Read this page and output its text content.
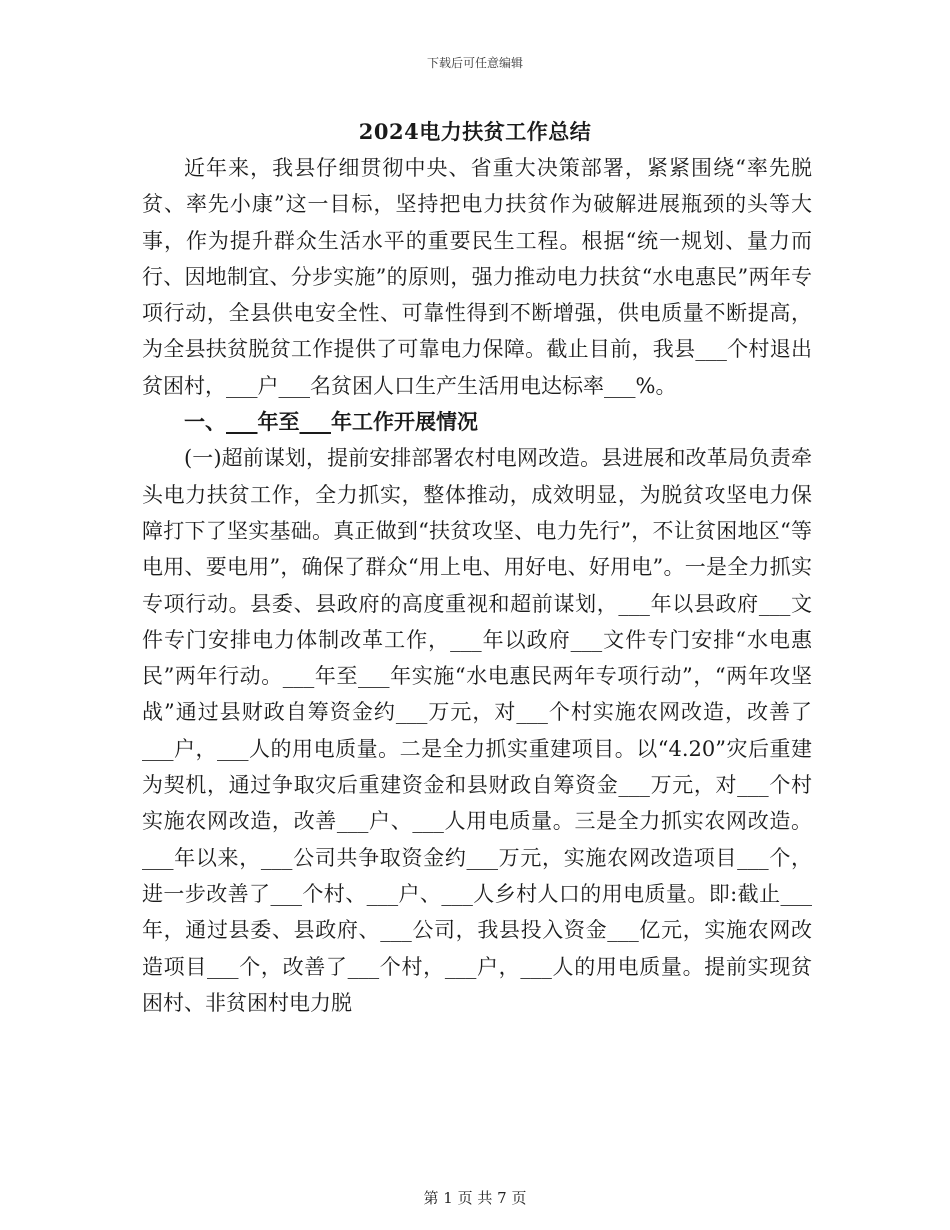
下载后可任意编辑
2024电力扶贫工作总结

近年来，我县仔细贯彻中央、省重大决策部署，紧紧围绕“率先脱贫、率先小康”这一目标，坚持把电力扶贫作为破解进展瓶颈的头等大事，作为提升群众生活水平的重要民生工程。根据“统一规划、量力而行、因地制宜、分步实施”的原则，强力推动电力扶贫“水电惠民”两年专项行动，全县供电安全性、可靠性得到不断增强，供电质量不断提高，为全县扶贫脱贫工作提供了可靠电力保障。截止目前，我县___个村退出贫困村，___户___名贫困人口生产生活用电达标率___%。

一、___年至___年工作开展情况

(一)超前谋划，提前安排部署农村电网改造。县进展和改革局负责牵头电力扶贫工作，全力抓实，整体推动，成效明显，为脱贫攻坚电力保障打下了坚实基础。真正做到“扶贫攻坚、电力先行”，不让贫困地区“等电用、要电用”，确保了群众“用上电、用好电、好用电”。一是全力抓实专项行动。县委、县政府的高度重视和超前谋划，___年以县政府___文件专门安排电力体制改革工作，___年以政府___文件专门安排“水电惠民”两年行动。___年至___年实施“水电惠民两年专项行动”，“两年攻坚战”通过县财政自筹资金约___万元，对___个村实施农网改造，改善了___户，___人的用电质量。二是全力抓实重建项目。以“4.20”灾后重建为契机，通过争取灾后重建资金和县财政自筹资金___万元，对___个村实施农网改造，改善___户、___人用电质量。三是全力抓实农网改造。___年以来，___公司共争取资金约___万元，实施农网改造项目___个，进一步改善了___个村、___户、___人乡村人口的用电质量。即:截止___年，通过县委、县政府、___公司，我县投入资金___亿元，实施农网改造项目___个，改善了___个村，___户，___人的用电质量。提前实现贫困村、非贫困村电力脱

第 1 页 共 7 页
